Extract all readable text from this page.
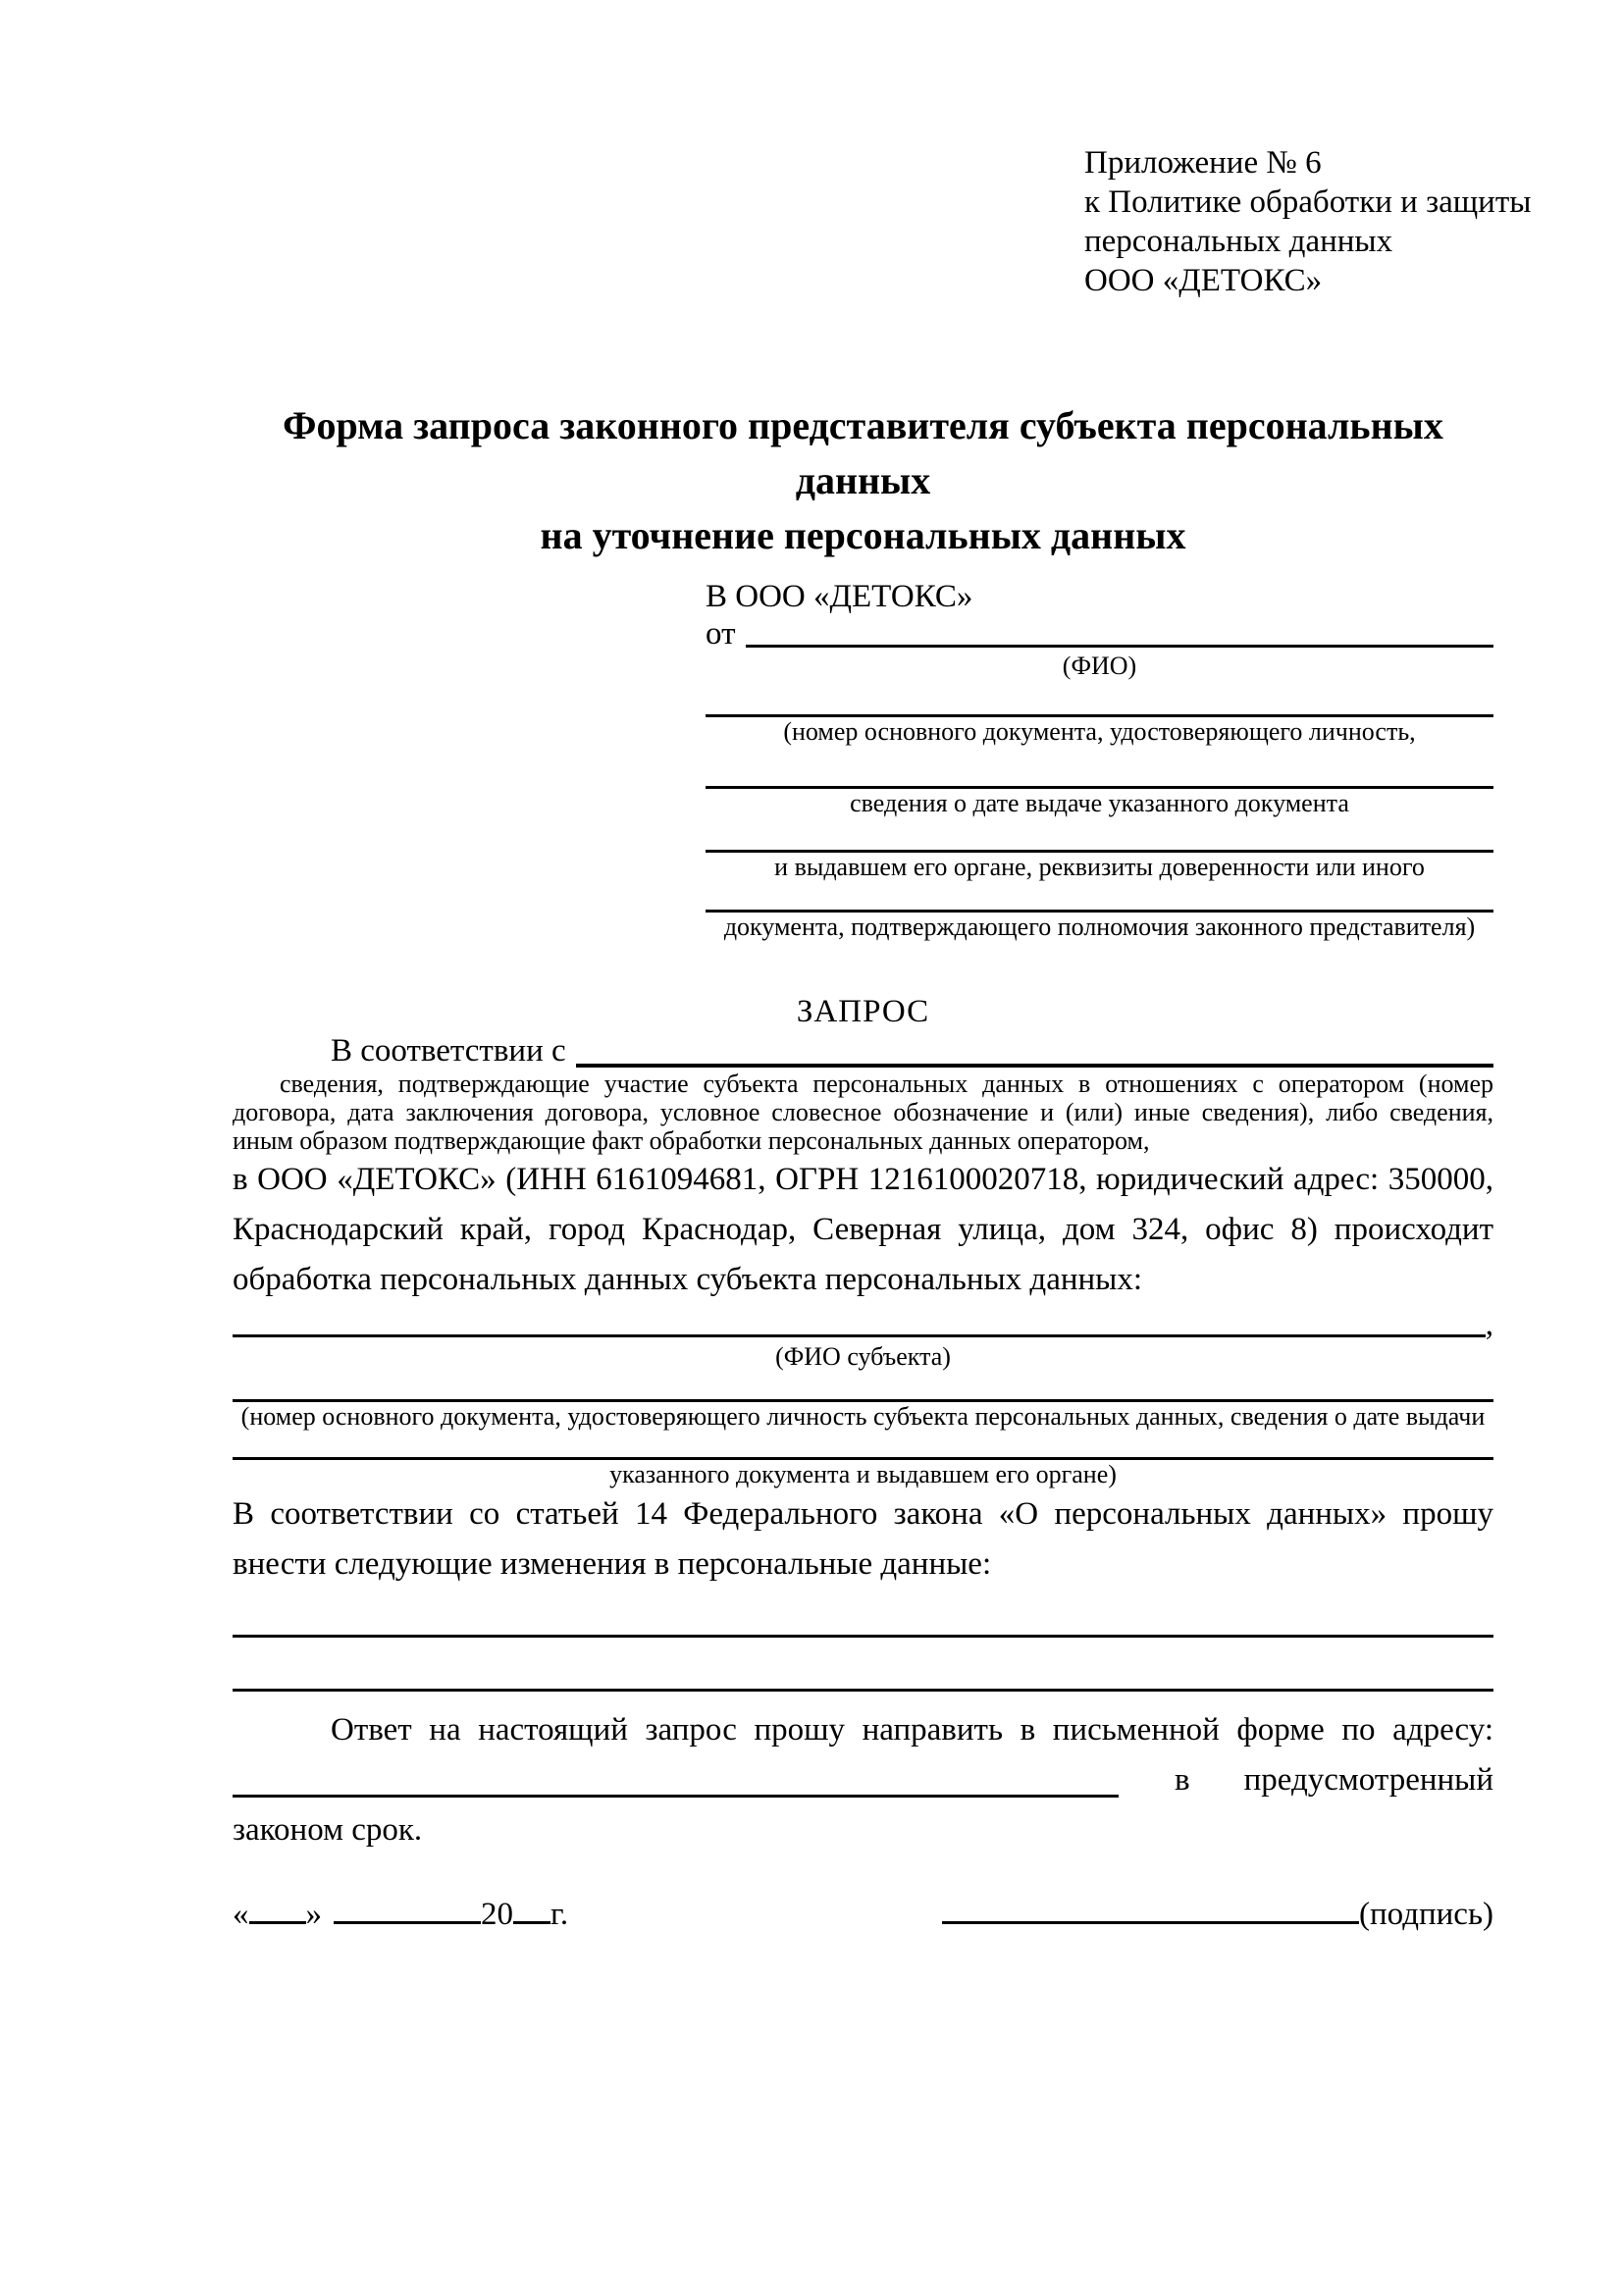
Приложение № 6
к Политике обработки и защиты
персональных данных
ООО «ДЕТОКС»
Форма запроса законного представителя субъекта персональных данных
на уточнение персональных данных
В ООО «ДЕТОКС»
от
(ФИО)
(номер основного документа, удостоверяющего личность,
сведения о дате выдаче указанного документа
и выдавшем его органе, реквизиты доверенности или иного
документа, подтверждающего полномочия законного представителя)
ЗАПРОС
В соответствии с
сведения, подтверждающие участие субъекта персональных данных в отношениях с оператором (номер договора, дата заключения договора, условное словесное обозначение и (или) иные сведения), либо сведения, иным образом подтверждающие факт обработки персональных данных оператором,

в ООО «ДЕТОКС» (ИНН 6161094681, ОГРН 1216100020718, юридический адрес: 350000, Краснодарский край, город Краснодар, Северная улица, дом 324, офис 8) происходит обработка персональных данных субъекта персональных данных:

,
(ФИО субъекта)
(номер основного документа, удостоверяющего личность субъекта персональных данных, сведения о дате выдачи
указанного документа и выдавшем его органе)

В соответствии со статьей 14 Федерального закона «О персональных данных» прошу внести следующие изменения в персональные данные:

Ответ на настоящий запрос прошу направить в письменной форме по адресу:
в предусмотренный
законом срок.
« »	20 г.	(подпись)
